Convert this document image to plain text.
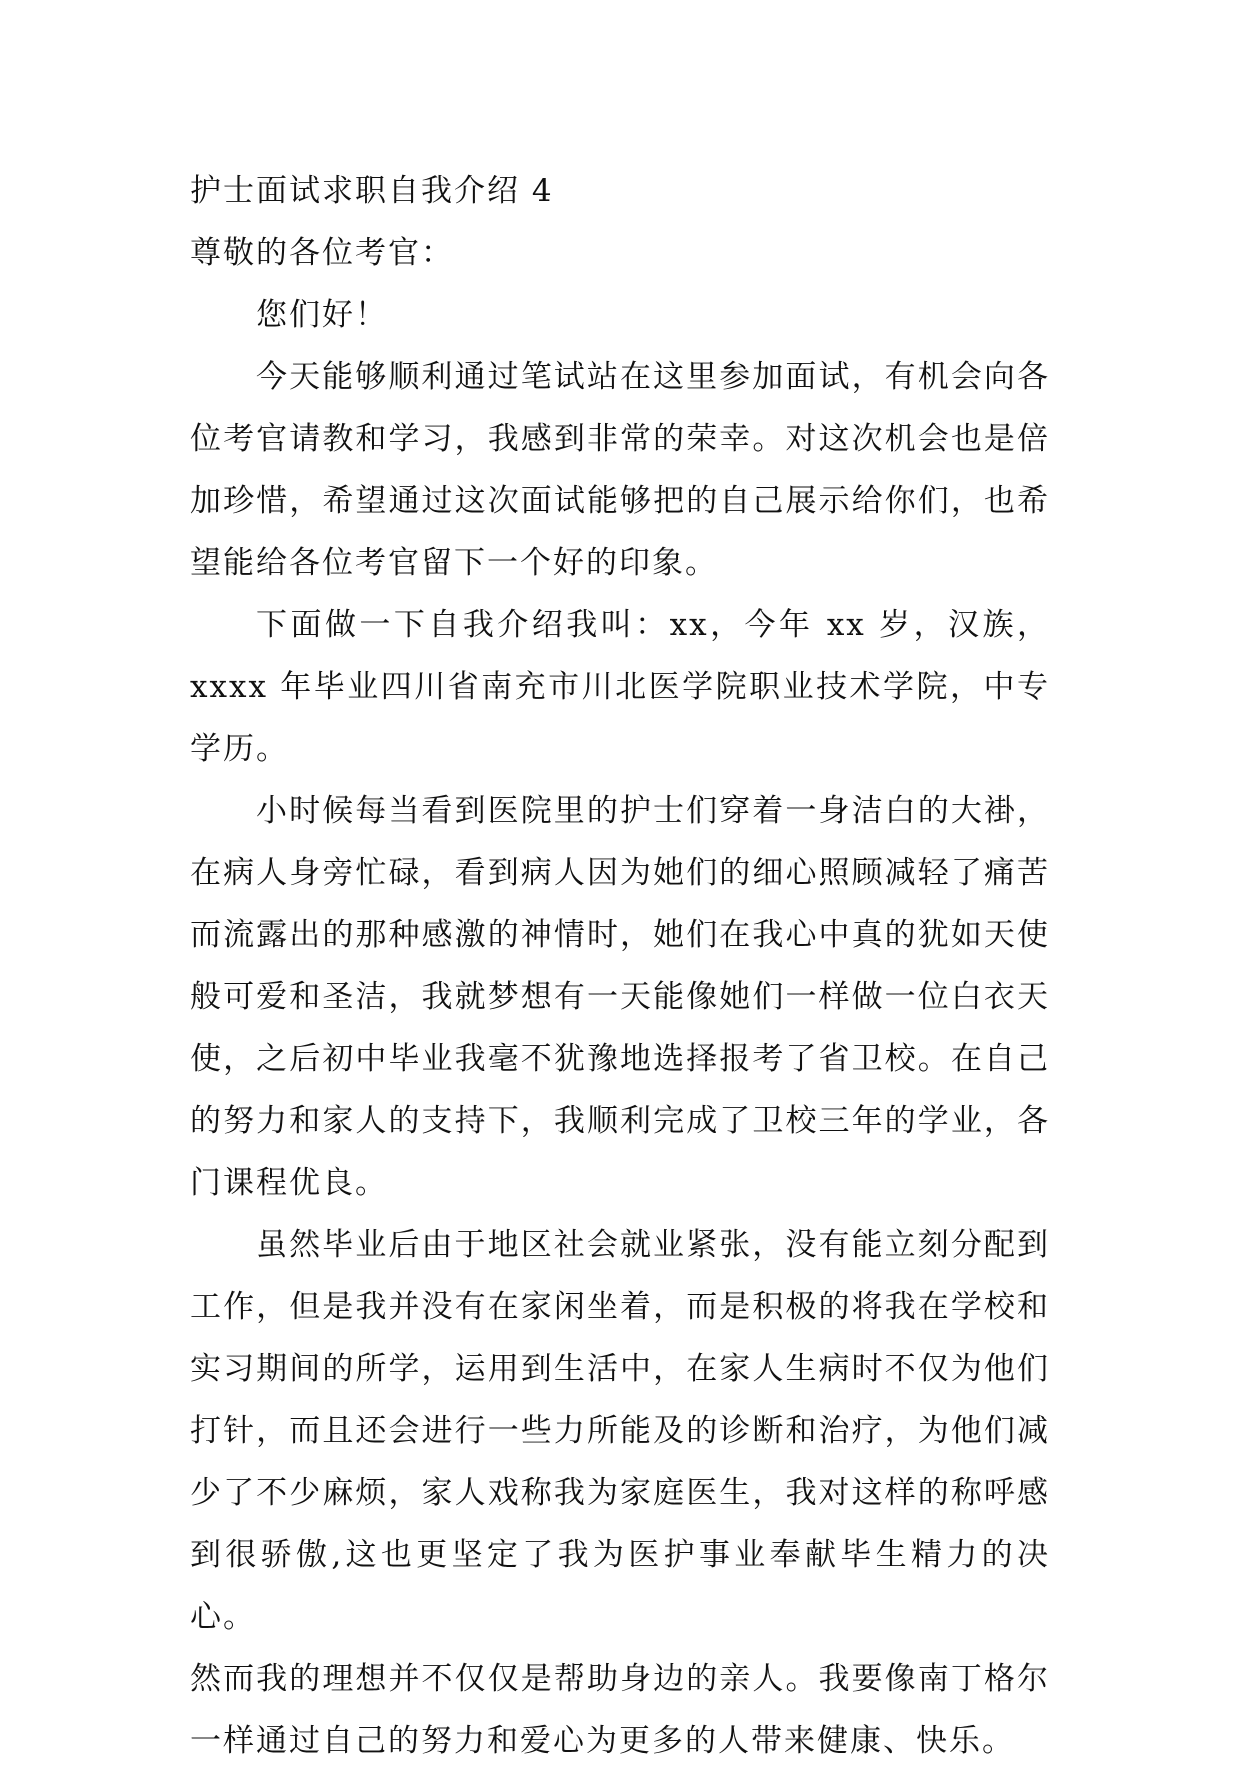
护士面试求职自我介绍 4

尊敬的各位考官：

您们好！

今天能够顺利通过笔试站在这里参加面试，有机会向各位考官请教和学习，我感到非常的荣幸。对这次机会也是倍加珍惜，希望通过这次面试能够把的自己展示给你们，也希望能给各位考官留下一个好的印象。

下面做一下自我介绍我叫：xx，今年 xx 岁，汉族，xxxx 年毕业四川省南充市川北医学院职业技术学院，中专学历。

小时候每当看到医院里的护士们穿着一身洁白的大褂，在病人身旁忙碌，看到病人因为她们的细心照顾减轻了痛苦而流露出的那种感激的神情时，她们在我心中真的犹如天使般可爱和圣洁，我就梦想有一天能像她们一样做一位白衣天使，之后初中毕业我毫不犹豫地选择报考了省卫校。在自己的努力和家人的支持下，我顺利完成了卫校三年的学业，各门课程优良。

虽然毕业后由于地区社会就业紧张，没有能立刻分配到工作，但是我并没有在家闲坐着，而是积极的将我在学校和实习期间的所学，运用到生活中，在家人生病时不仅为他们打针，而且还会进行一些力所能及的诊断和治疗，为他们减少了不少麻烦，家人戏称我为家庭医生，我对这样的称呼感到很骄傲,这也更坚定了我为医护事业奉献毕生精力的决心。

然而我的理想并不仅仅是帮助身边的亲人。我要像南丁格尔一样通过自己的努力和爱心为更多的人带来健康、快乐。
